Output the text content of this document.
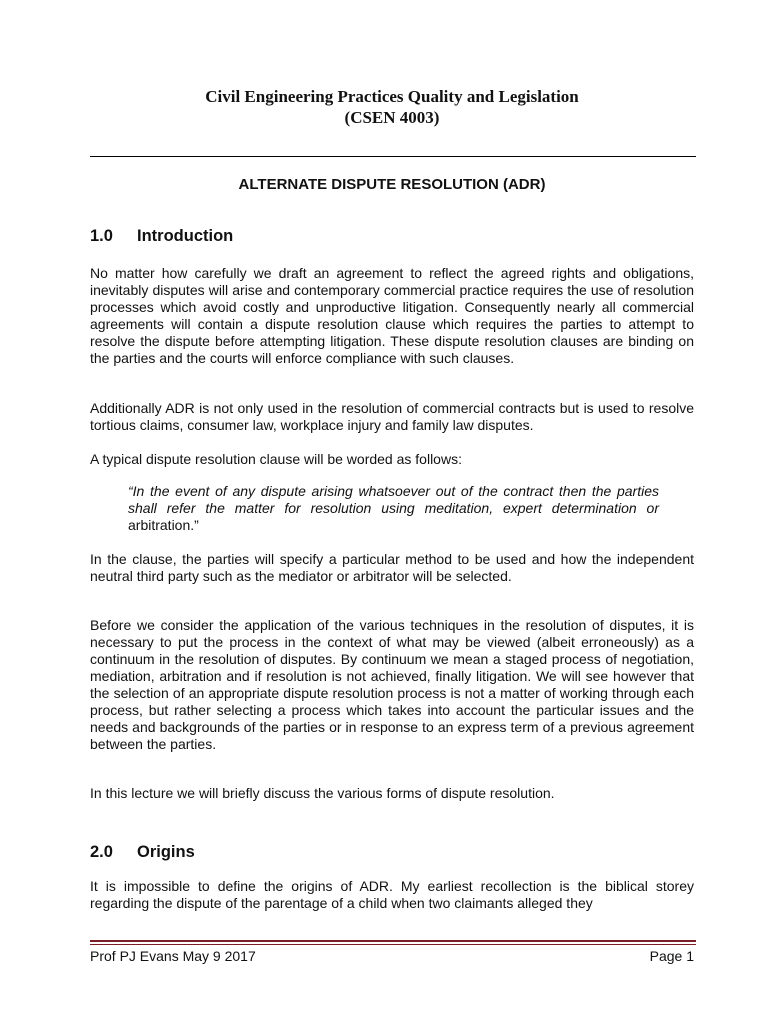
Civil Engineering Practices Quality and Legislation
(CSEN 4003)
ALTERNATE DISPUTE RESOLUTION (ADR)
1.0 Introduction

No matter how carefully we draft an agreement to reflect the agreed rights and obligations, inevitably disputes will arise and contemporary commercial practice requires the use of resolution processes which avoid costly and unproductive litigation. Consequently nearly all commercial agreements will contain a dispute resolution clause which requires the parties to attempt to resolve the dispute before attempting litigation. These dispute resolution clauses are binding on the parties and the courts will enforce compliance with such clauses.

Additionally ADR is not only used in the resolution of commercial contracts but is used to resolve tortious claims, consumer law, workplace injury and family law disputes.

A typical dispute resolution clause will be worded as follows:

“In the event of any dispute arising whatsoever out of the contract then the parties shall refer the matter for resolution using meditation, expert determination or arbitration.”

In the clause, the parties will specify a particular method to be used and how the independent neutral third party such as the mediator or arbitrator will be selected.

Before we consider the application of the various techniques in the resolution of disputes, it is necessary to put the process in the context of what may be viewed (albeit erroneously) as a continuum in the resolution of disputes. By continuum we mean a staged process of negotiation, mediation, arbitration and if resolution is not achieved, finally litigation. We will see however that the selection of an appropriate dispute resolution process is not a matter of working through each process, but rather selecting a process which takes into account the particular issues and the needs and backgrounds of the parties or in response to an express term of a previous agreement between the parties.

In this lecture we will briefly discuss the various forms of dispute resolution.

2.0 Origins

It is impossible to define the origins of ADR. My earliest recollection is the biblical storey regarding the dispute of the parentage of a child when two claimants alleged they

Prof PJ Evans May 9 2017	Page 1
